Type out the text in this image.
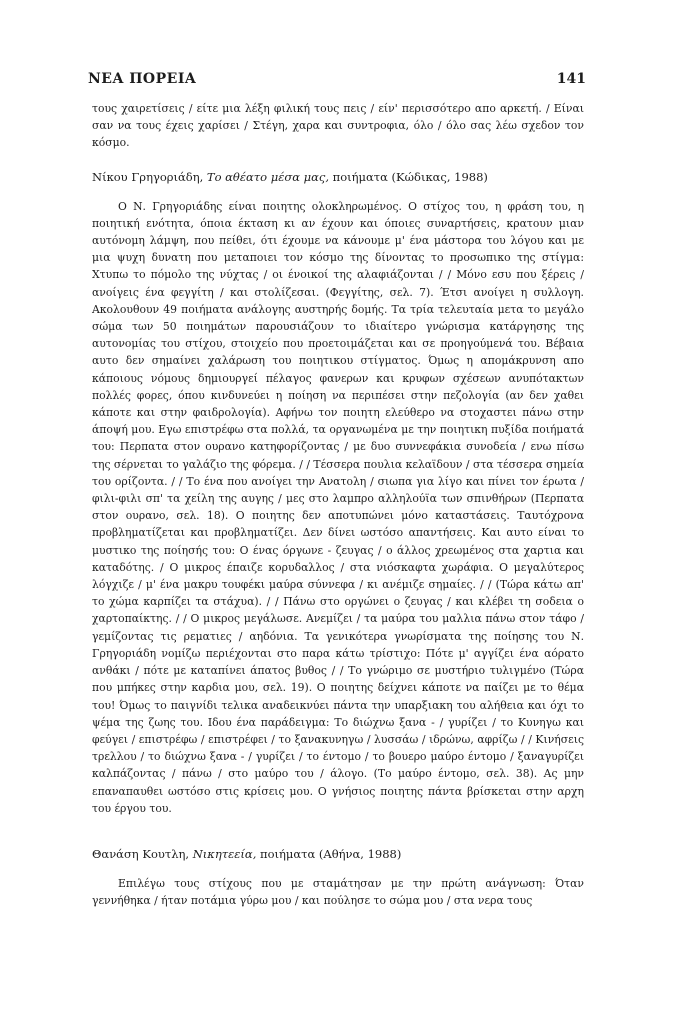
ΝΕΑ ΠΟΡΕΙΑ	141

τους χαιρετίσεις / είτε μια λέξη φιλική τους πεις / είν' περισσότερο απο αρκετή. / Είναι σαν να τους έχεις χαρίσει / Στέγη, χαρα και συντροφια, όλο / όλο σας λέω σχεδον τον κόσμο.

Νίκου Γρηγοριάδη, Το αθέατο μέσα μας, ποιήματα (Κώδικας, 1988)

Ο Ν. Γρηγοριάδης είναι ποιητης ολοκληρωμένος. Ο στίχος του, η φράση του, η ποιητική ενότητα, όποια έκταση κι αν έχουν και όποιες συναρτήσεις, κρατουν μιαν αυτόνομη λάμψη, που πείθει, ότι έχουμε να κάνουμε μ' ένα μάστορα του λόγου και με μια ψυχη δυνατη που μεταποιει τον κόσμο της δίνοντας το προσωπικο της στίγμα: Χτυπω το πόμολο της νύχτας / οι ένοικοί της αλαφιάζονται / / Μόνο εσυ που ξέρεις / ανοίγεις ένα φεγγίτη / και στολίζεσαι. (Φεγγίτης, σελ. 7). Έτσι ανοίγει η συλλογη. Ακολουθουν 49 ποιήματα ανάλογης αυστηρής δομής. Τα τρία τελευταία μετα το μεγάλο σώμα των 50 ποιημάτων παρουσιάζουν το ιδιαίτερο γνώρισμα κατάργησης της αυτονομίας του στίχου, στοιχείο που προετοιμάζεται και σε προηγούμενά του. Βέβαια αυτο δεν σημαίνει χαλάρωση του ποιητικου στίγματος. Όμως η απομάκρυνση απο κάποιους νόμους δημιουργεί πέλαγος φανερων και κρυφων σχέσεων ανυπότακτων πολλές φορες, όπου κινδυνεύει η ποίηση να περιπέσει στην πεζολογία (αν δεν χαθει κάποτε και στην φαιδρολογία). Αφήνω τον ποιητη ελεύθερο να στοχαστει πάνω στην άποψή μου. Εγω επιστρέφω στα πολλά, τα οργανωμένα με την ποιητικη πυξίδα ποιήματά του: Περπατα στον ουρανο κατηφορίζοντας / με δυο συννεφάκια συνοδεία / ενω πίσω της σέρνεται το γαλάζιο της φόρεμα. / / Τέσσερα πουλια κελαϊδουν / στα τέσσερα σημεία του ορίζοντα. / / Το ένα που ανοίγει την Ανατολη / σιωπα για λίγο και πίνει τον έρωτα / φιλι-φιλι σπ' τα χείλη της αυγης / μες στο λαμπρο αλληλούϊα των σπινθήρων (Περπατα στον ουρανο, σελ. 18). Ο ποιητης δεν αποτυπώνει μόνο καταστάσεις. Ταυτόχρονα προβληματίζεται και προβληματίζει. Δεν δίνει ωστόσο απαντήσεις. Και αυτο είναι το μυστικο της ποίησής του: Ο ένας όργωνε - ζευγας / ο άλλος χρεωμένος στα χαρτια και καταδότης. / Ο μικρος έπαιζε κορυδαλλος / στα νιόσκαφτα χωράφια. Ο μεγαλύτερος λόγχιζε / μ' ένα μακρυ τουφέκι μαύρα σύννεφα / κι ανέμιζε σημαίες. / / (Τώρα κάτω απ' το χώμα καρπίζει τα στάχυα). / / Πάνω στο οργώνει ο ζευγας / και κλέβει τη σοδεια ο χαρτοπαίκτης. / / Ο μικρος μεγάλωσε. Ανεμίζει / τα μαύρα του μαλλια πάνω στον τάφο / γεμίζοντας τις ρεματιες / αηδόνια. Τα γενικότερα γνωρίσματα της ποίησης του Ν. Γρηγοριάδη νομίζω περιέχονται στο παρα κάτω τρίστιχο: Πότε μ' αγγίζει ένα αόρατο ανθάκι / πότε με καταπίνει άπατος βυθος / / Το γνώριμο σε μυστήριο τυλιγμένο (Τώρα που μπήκες στην καρδια μου, σελ. 19). Ο ποιητης δείχνει κάποτε να παίζει με το θέμα του! Όμως το παιγνίδι τελικα αναδεικνύει πάντα την υπαρξιακη του αλήθεια και όχι το ψέμα της ζωης του. Ιδου ένα παράδειγμα: Το διώχνω ξανα - / γυρίζει / το Κυνηγω και φεύγει / επιστρέφω / επιστρέφει / το ξανακυνηγω / λυσσάω / ιδρώνω, αφρίζω / / Κινήσεις τρελλου / το διώχνω ξανα - / γυρίζει / το έντομο / το βουερο μαύρο έντομο / ξαναγυρίζει καλπάζοντας / πάνω / στο μαύρο του / άλογο. (Το μαύρο έντομο, σελ. 38). Ας μην επαναπαυθει ωστόσο στις κρίσεις μου. Ο γνήσιος ποιητης πάντα βρίσκεται στην αρχη του έργου του.

Θανάση Κουτλη, Νικητεεία, ποιήματα (Αθήνα, 1988)

Επιλέγω τους στίχους που με σταμάτησαν με την πρώτη ανάγνωση: Όταν γεννήθηκα / ήταν ποτάμια γύρω μου / και πούλησε το σώμα μου / στα νερα τους
